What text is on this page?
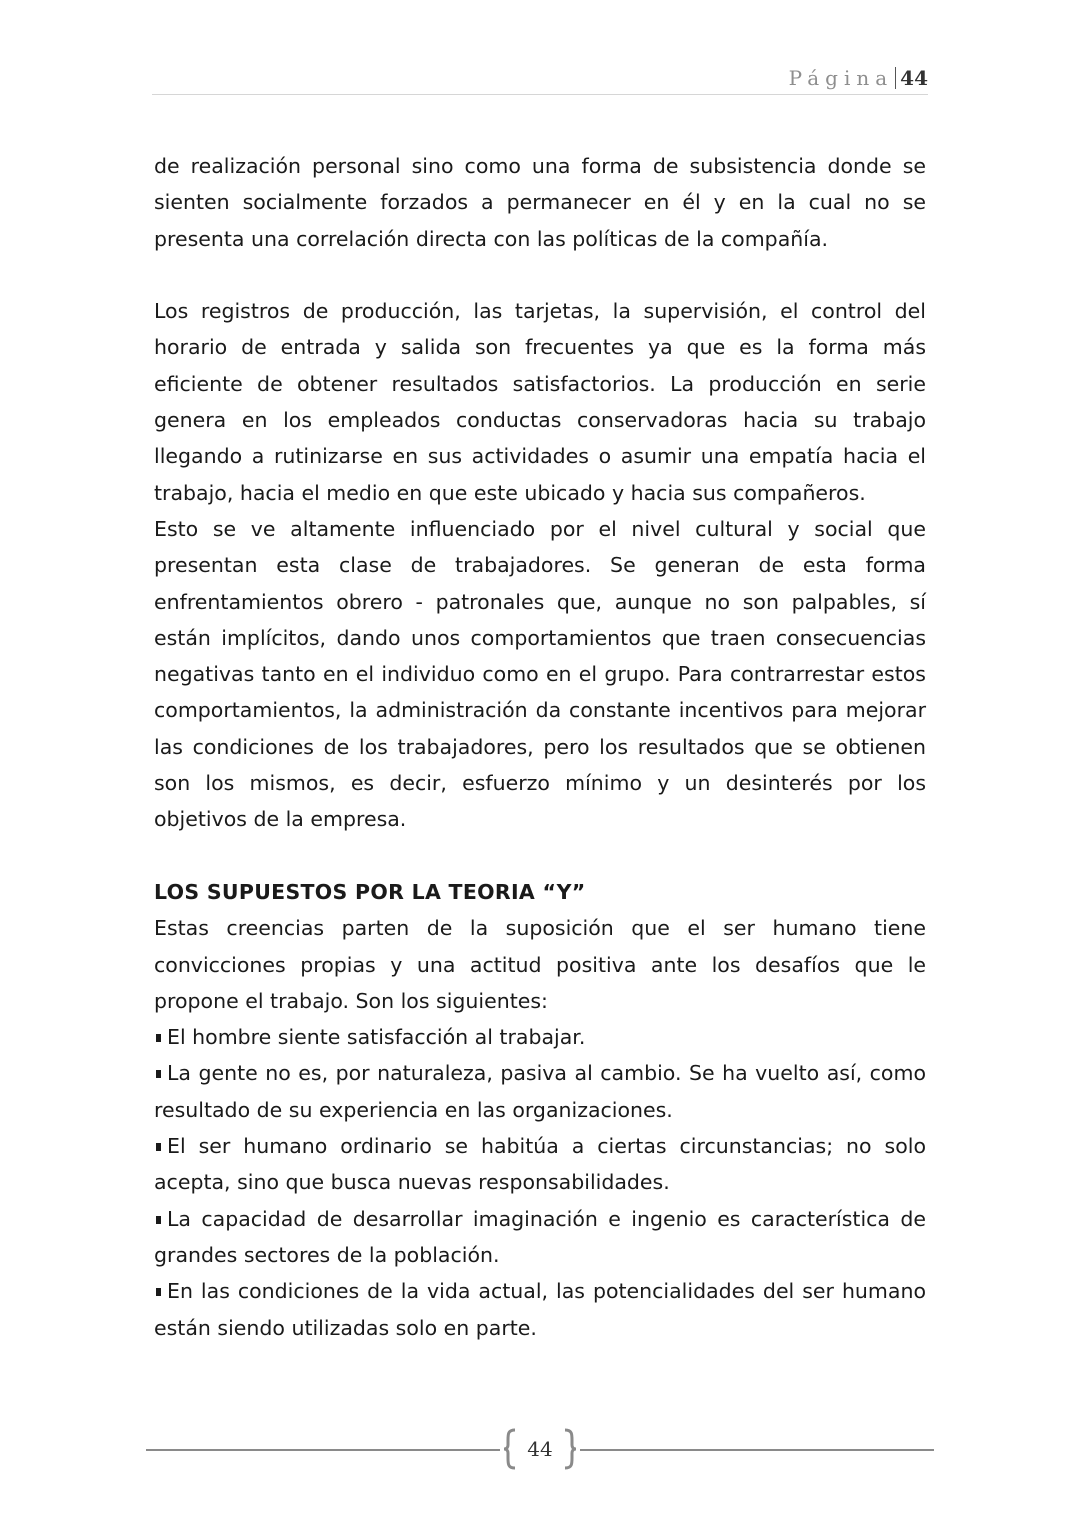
Página 44

de realización personal sino como una forma de subsistencia donde se sienten socialmente forzados a permanecer en él y en la cual no se presenta una correlación directa con las políticas de la compañía.

Los registros de producción, las tarjetas, la supervisión, el control del horario de entrada y salida son frecuentes ya que es la forma más eficiente de obtener resultados satisfactorios. La producción en serie genera en los empleados conductas conservadoras hacia su trabajo llegando a rutinizarse en sus actividades o asumir una empatía hacia el trabajo, hacia el medio en que este ubicado y hacia sus compañeros.

Esto se ve altamente influenciado por el nivel cultural y social que presentan esta clase de trabajadores. Se generan de esta forma enfrentamientos obrero - patronales que, aunque no son palpables, sí están implícitos, dando unos comportamientos que traen consecuencias negativas tanto en el individuo como en el grupo. Para contrarrestar estos comportamientos, la administración da constante incentivos para mejorar las condiciones de los trabajadores, pero los resultados que se obtienen son los mismos, es decir, esfuerzo mínimo y un desinterés por los objetivos de la empresa.

LOS SUPUESTOS POR LA TEORIA “Y”

Estas creencias parten de la suposición que el ser humano tiene convicciones propias y una actitud positiva ante los desafíos que le propone el trabajo. Son los siguientes:

El hombre siente satisfacción al trabajar.

La gente no es, por naturaleza, pasiva al cambio. Se ha vuelto así, como resultado de su experiencia en las organizaciones.

El ser humano ordinario se habitúa a ciertas circunstancias; no solo acepta, sino que busca nuevas responsabilidades.

La capacidad de desarrollar imaginación e ingenio es característica de grandes sectores de la población.

En las condiciones de la vida actual, las potencialidades del ser humano están siendo utilizadas solo en parte.

44
